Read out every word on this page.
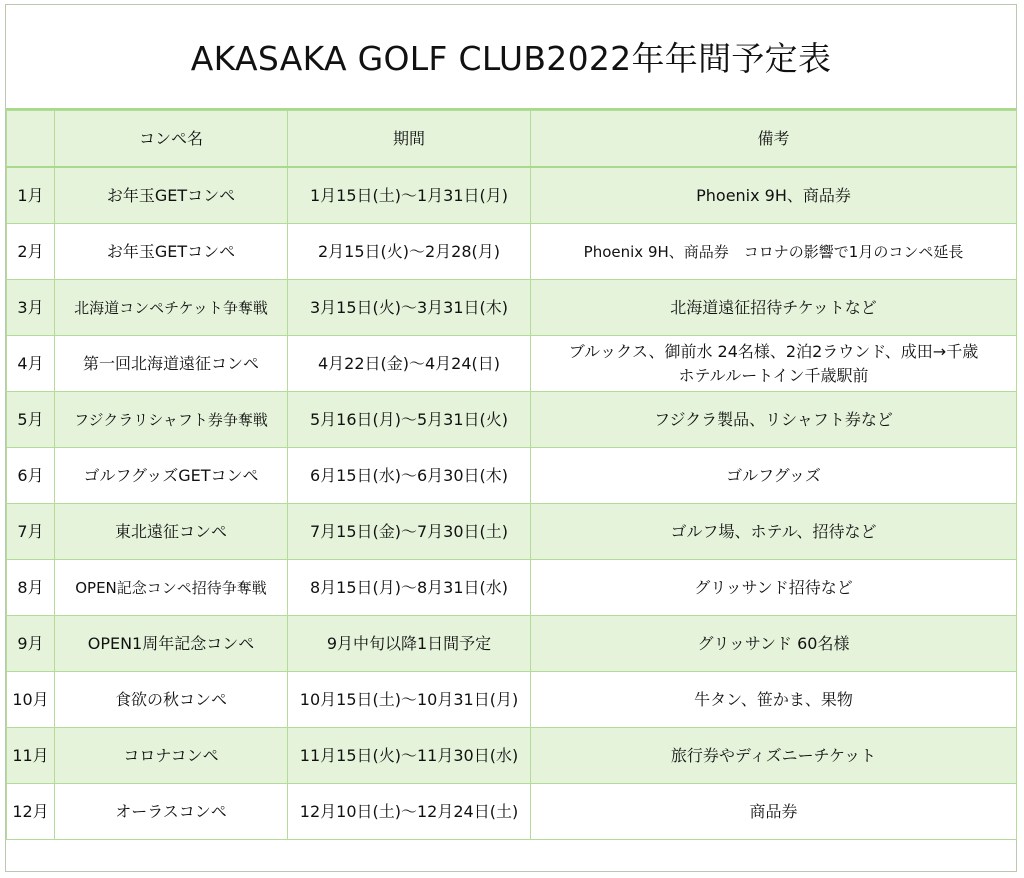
AKASAKA GOLF CLUB2022年年間予定表
	コンペ名	期間	備考
1月	お年玉GETコンペ	1月15日(土)〜1月31日(月)	Phoenix 9H、商品券
2月	お年玉GETコンペ	2月15日(火)〜2月28(月)	Phoenix 9H、商品券　コロナの影響で1月のコンペ延長
3月	北海道コンペチケット争奪戦	3月15日(火)〜3月31日(木)	北海道遠征招待チケットなど
4月	第一回北海道遠征コンペ	4月22日(金)〜4月24(日)	ブルックス、御前水 24名様、2泊2ラウンド、成田→千歳
ホテルルートイン千歳駅前
5月	フジクラリシャフト券争奪戦	5月16日(月)〜5月31日(火)	フジクラ製品、リシャフト券など
6月	ゴルフグッズGETコンペ	6月15日(水)〜6月30日(木)	ゴルフグッズ
7月	東北遠征コンペ	7月15日(金)〜7月30日(土)	ゴルフ場、ホテル、招待など
8月	OPEN記念コンペ招待争奪戦	8月15日(月)〜8月31日(水)	グリッサンド招待など
9月	OPEN1周年記念コンペ	9月中旬以降1日間予定	グリッサンド 60名様
10月	食欲の秋コンペ	10月15日(土)〜10月31日(月)	牛タン、笹かま、果物
11月	コロナコンペ	11月15日(火)〜11月30日(水)	旅行券やディズニーチケット
12月	オーラスコンペ	12月10日(土)〜12月24日(土)	商品券
